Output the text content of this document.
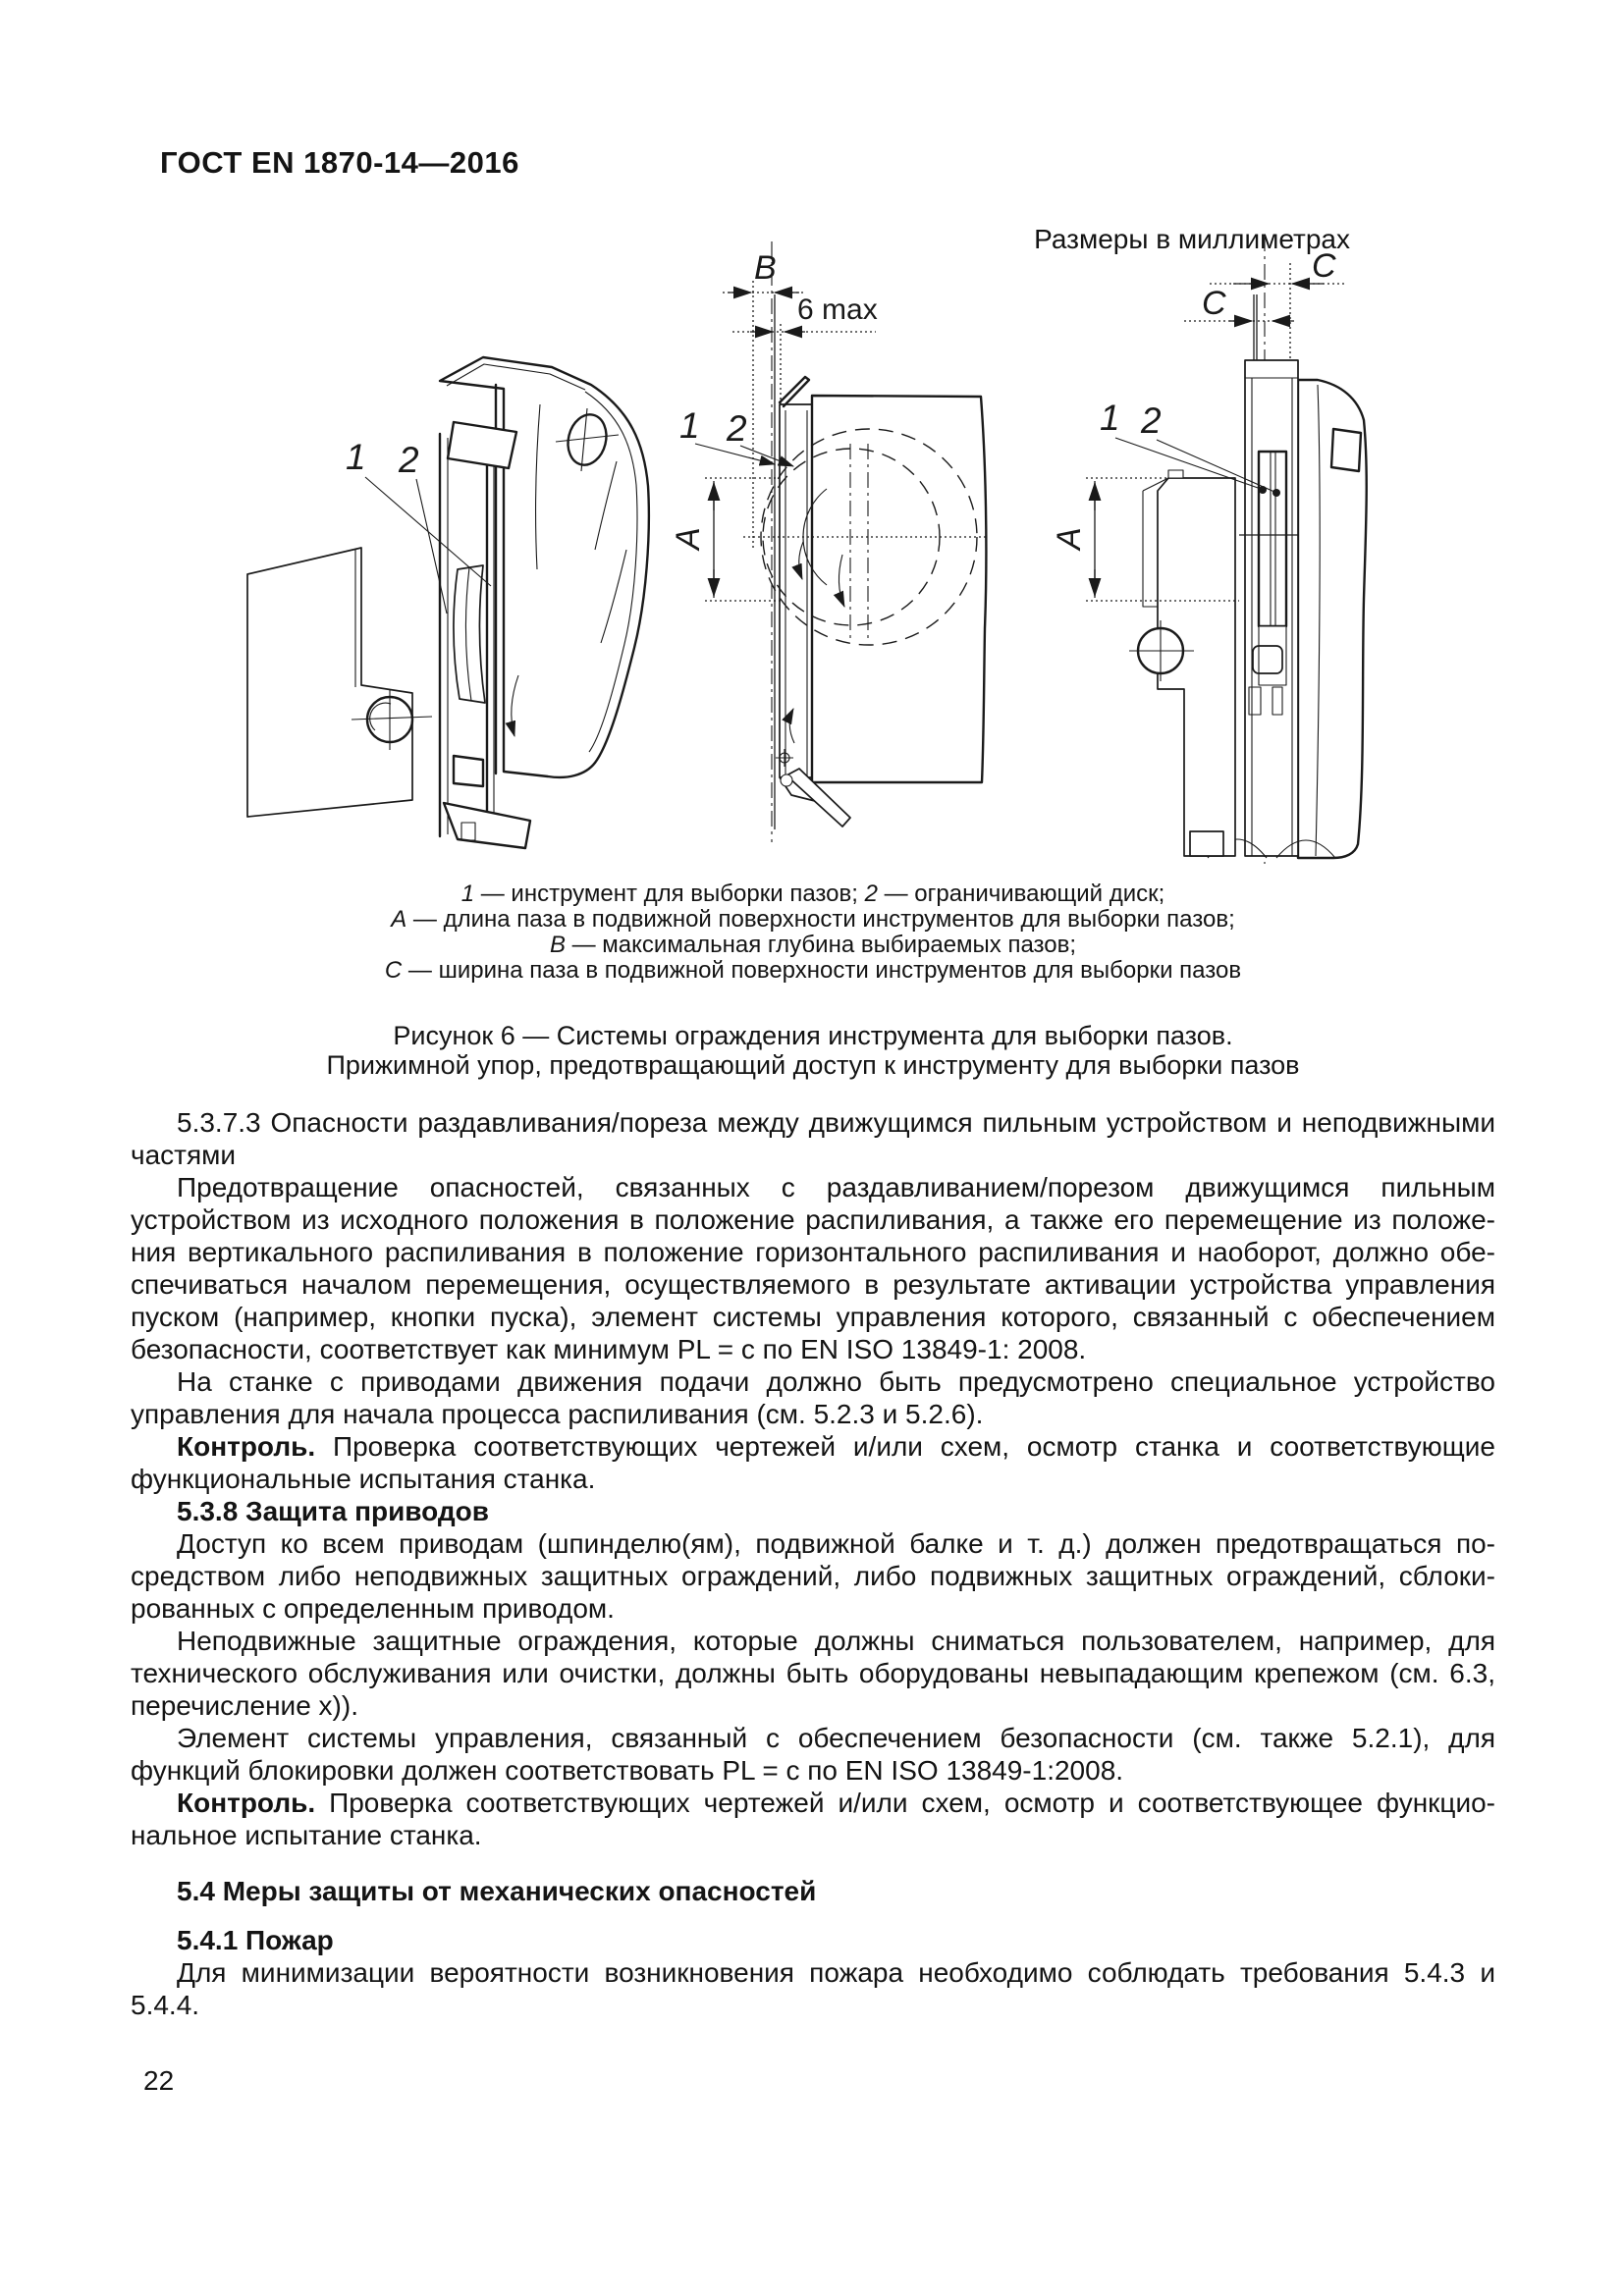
ГОСТ EN 1870-14—2016
Размеры в миллиметрах
1 2
B
6 max
A
1 2
C
C
A
1 2
1 — инструмент для выборки пазов; 2 — ограничивающий диск;
A — длина паза в подвижной поверхности инструментов для выборки пазов;
B — максимальная глубина выбираемых пазов;
C — ширина паза в подвижной поверхности инструментов для выборки пазов
Рисунок 6 — Системы ограждения инструмента для выборки пазов.
Прижимной упор, предотвращающий доступ к инструменту для выборки пазов

5.3.7.3 Опасности раздавливания/пореза между движущимся пильным устройством и неподвижными частями

Предотвращение опасностей, связанных с раздавливанием/порезом движущимся пильным устройством из исходного положения в положение распиливания, а также его перемещение из положения вертикального распиливания в положение горизонтального распиливания и наоборот, должно обеспечиваться началом перемещения, осуществляемого в результате активации устройства управления пуском (например, кнопки пуска), элемент системы управления которого, связанный с обеспечением безопасности, соответствует как минимум PL = с по EN ISO 13849-1: 2008.

На станке с приводами движения подачи должно быть предусмотрено специальное устройство управления для начала процесса распиливания (см. 5.2.3 и 5.2.6).

Контроль. Проверка соответствующих чертежей и/или схем, осмотр станка и соответствующие функциональные испытания станка.

5.3.8 Защита приводов

Доступ ко всем приводам (шпинделю(ям), подвижной балке и т. д.) должен предотвращаться посредством либо неподвижных защитных ограждений, либо подвижных защитных ограждений, сблокированных с определенным приводом.

Неподвижные защитные ограждения, которые должны сниматься пользователем, например, для технического обслуживания или очистки, должны быть оборудованы невыпадающим крепежом (см. 6.3, перечисление x)).

Элемент системы управления, связанный с обеспечением безопасности (см. также 5.2.1), для функций блокировки должен соответствовать PL = с по EN ISO 13849-1:2008.

Контроль. Проверка соответствующих чертежей и/или схем, осмотр и соответствующее функциональное испытание станка.

5.4 Меры защиты от механических опасностей

5.4.1 Пожар

Для минимизации вероятности возникновения пожара необходимо соблюдать требования 5.4.3 и 5.4.4.

22
